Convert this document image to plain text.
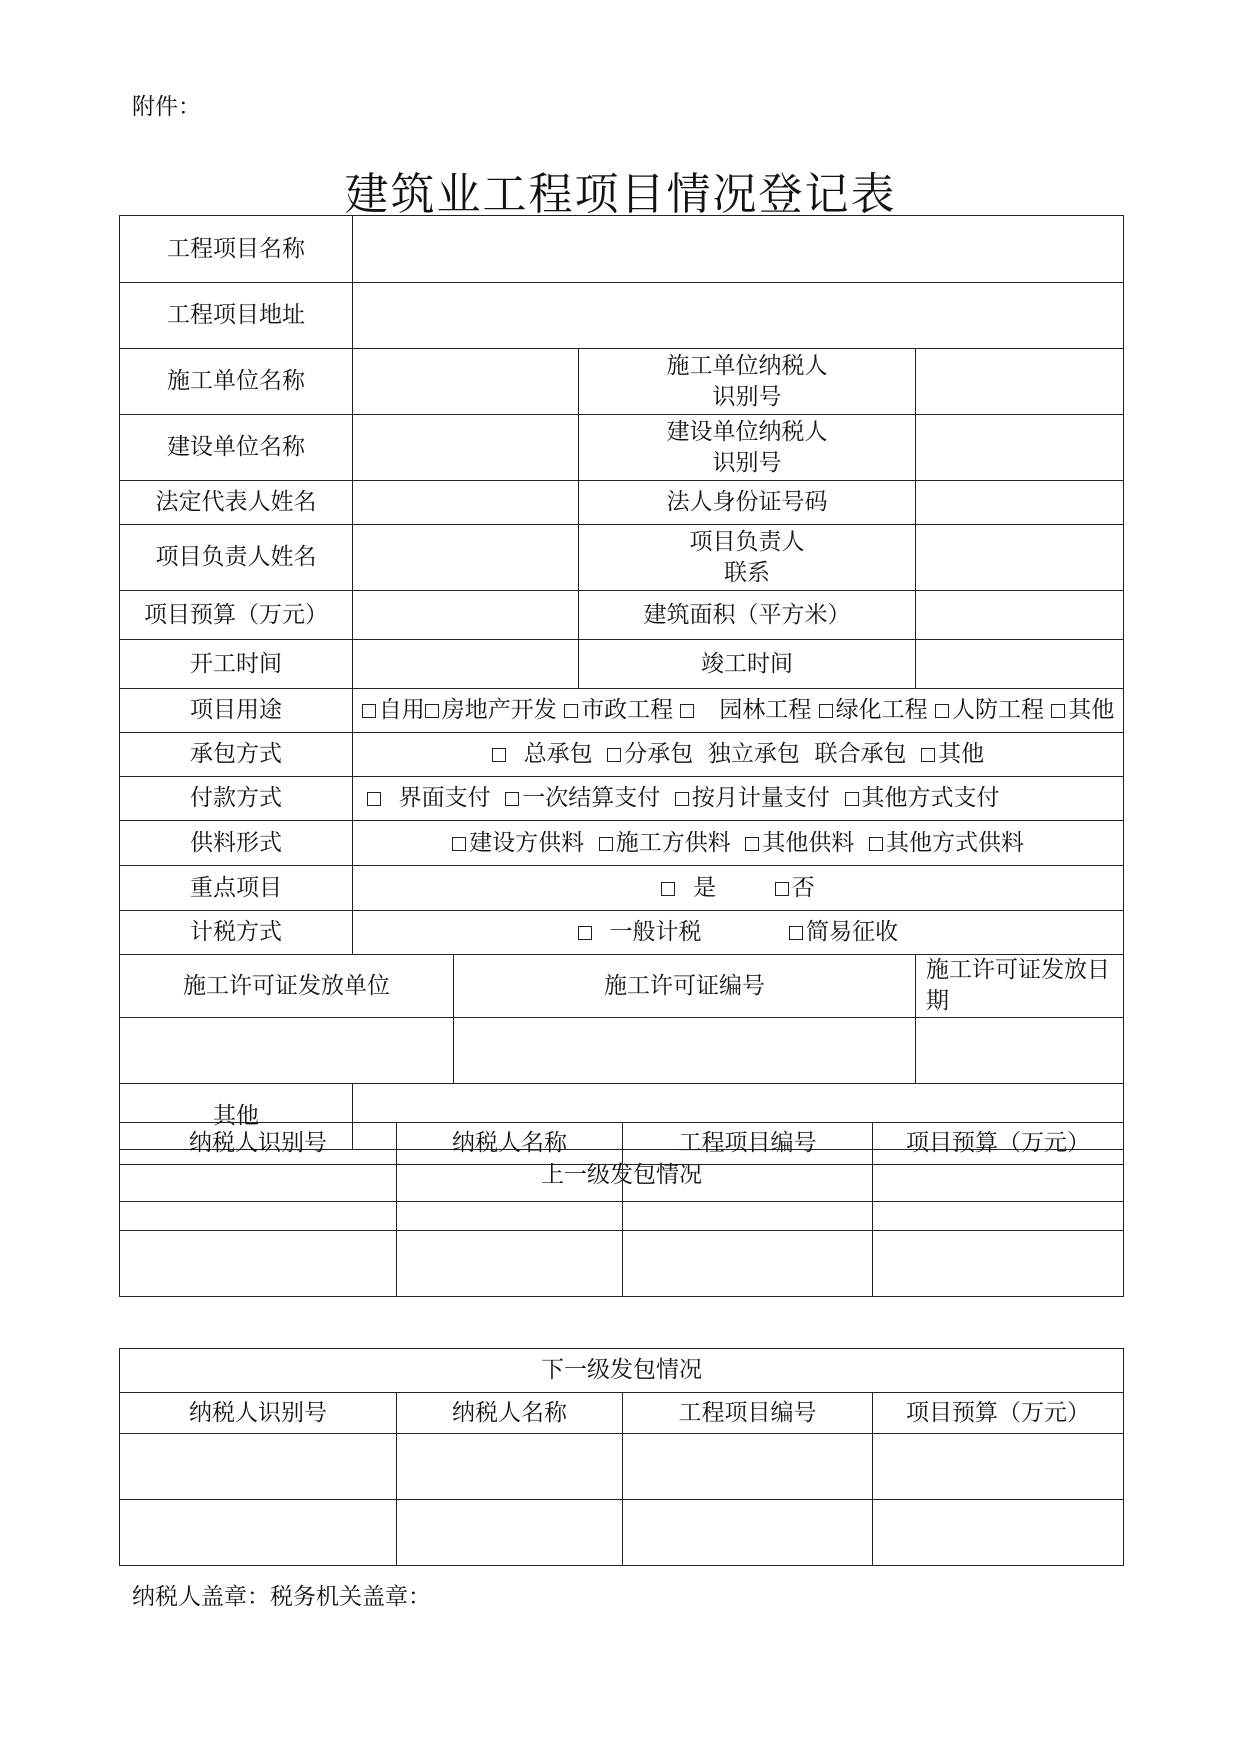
附件：
建筑业工程项目情况登记表
工程项目名称				
工程项目地址				
施工单位名称			施工单位纳税人
识别号	
建设单位名称			建设单位纳税人
识别号	
法定代表人姓名			法人身份证号码	
项目负责人姓名			项目负责人
联系	
项目预算（万元）			建筑面积（平方米）	
开工时间			竣工时间	
项目用途	自用 房地产开发 市政工程 园林工程 绿化工程 人防工程 其他			
承包方式	总承包 分承包 独立承包 联合承包 其他			
付款方式	界面支付 一次结算支付 按月计量支付 其他方式支付			
供料形式	建设方供料 施工方供料 其他供料 其他方式供料			
重点项目	是 否			
计税方式	一般计税 简易征收			
施工许可证发放单位		施工许可证编号		施工许可证发放日期

其他				
上一级发包情况				
纳税人识别号	纳税人名称	工程项目编号	项目预算（万元）

下一级发包情况			
纳税人识别号	纳税人名称	工程项目编号	项目预算（万元）

纳税人盖章：税务机关盖章：
